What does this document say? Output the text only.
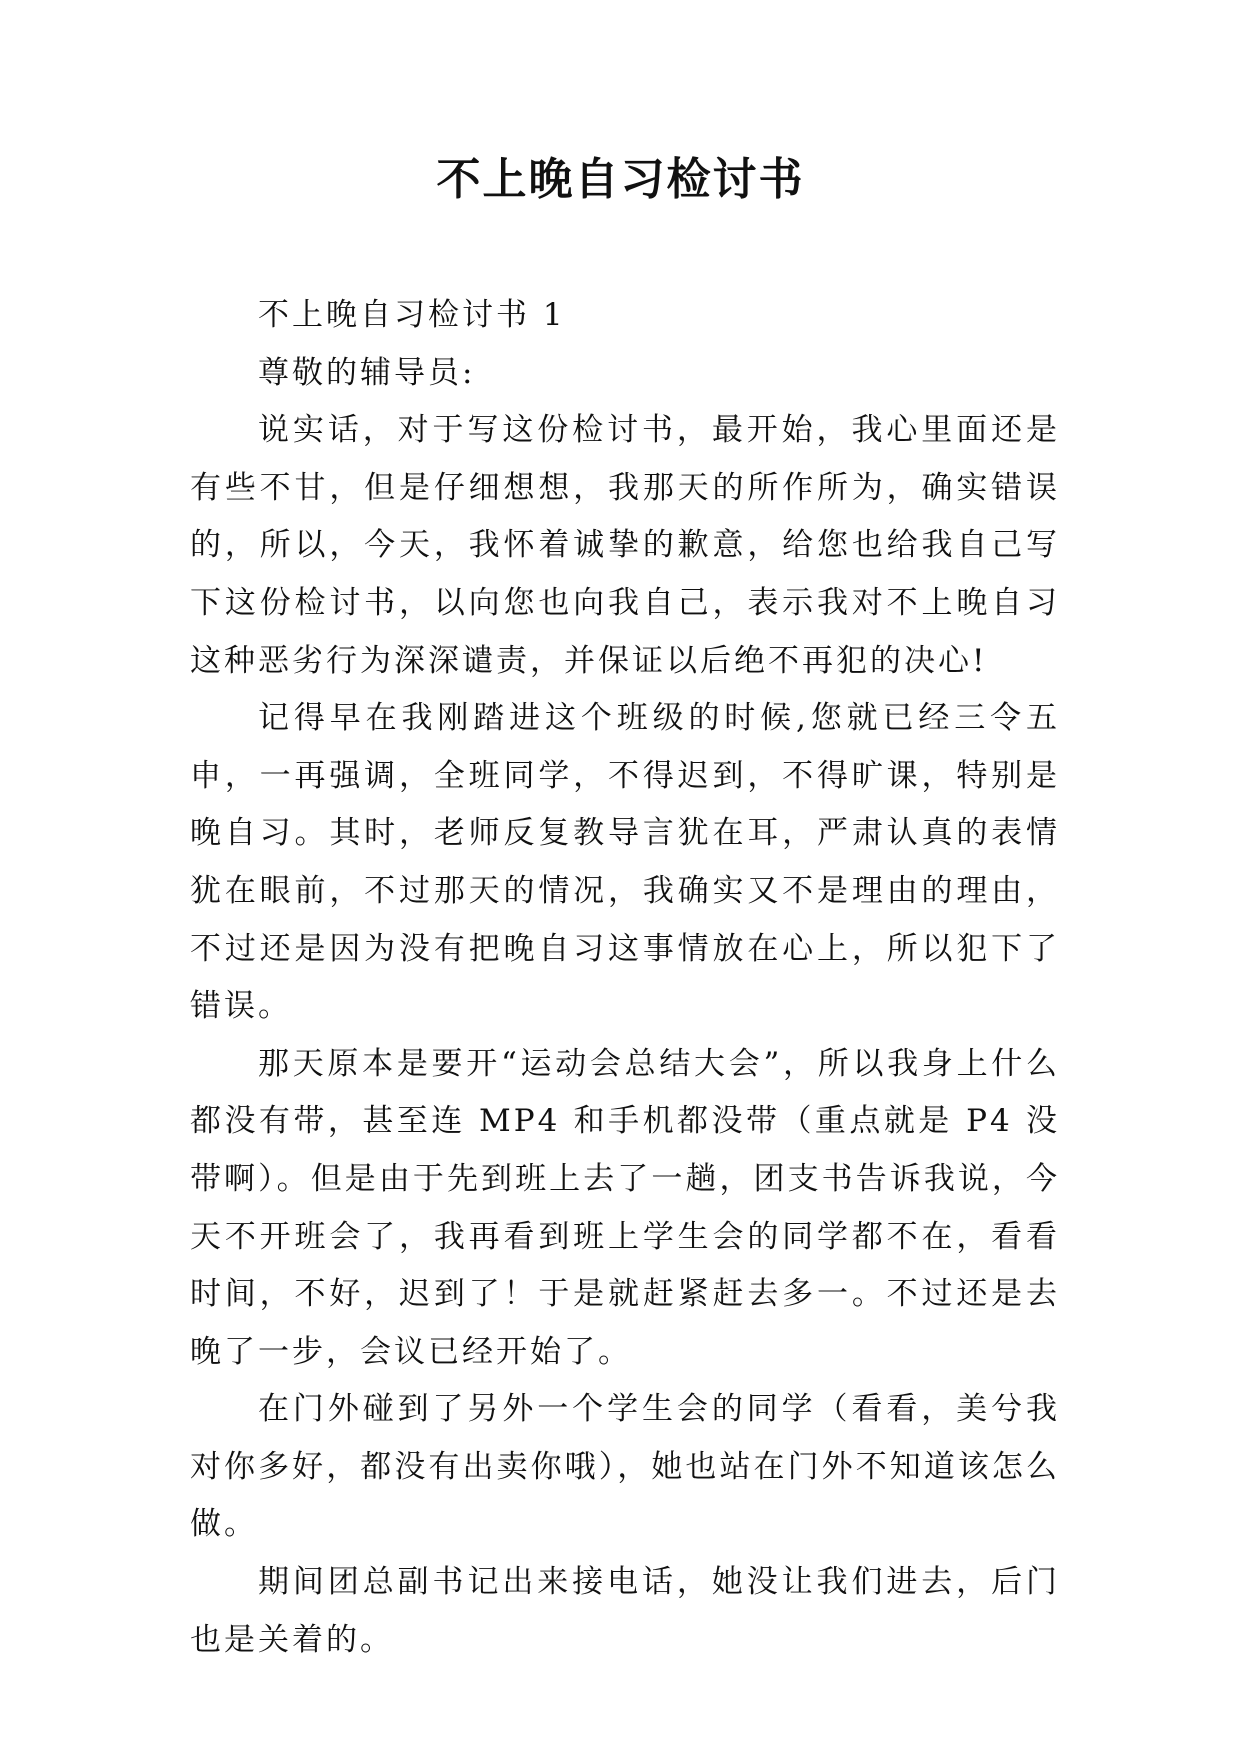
不上晚自习检讨书

不上晚自习检讨书 1

尊敬的辅导员:

说实话，对于写这份检讨书，最开始，我心里面还是有些不甘，但是仔细想想，我那天的所作所为，确实错误的，所以，今天，我怀着诚挚的歉意，给您也给我自己写下这份检讨书，以向您也向我自己，表示我对不上晚自习这种恶劣行为深深谴责，并保证以后绝不再犯的决心!

记得早在我刚踏进这个班级的时候,您就已经三令五申，一再强调，全班同学，不得迟到，不得旷课，特别是晚自习。其时，老师反复教导言犹在耳，严肃认真的表情犹在眼前，不过那天的情况，我确实又不是理由的理由，不过还是因为没有把晚自习这事情放在心上，所以犯下了错误。

那天原本是要开“运动会总结大会”，所以我身上什么都没有带，甚至连 MP4 和手机都没带（重点就是 P4 没带啊）。但是由于先到班上去了一趟，团支书告诉我说，今天不开班会了，我再看到班上学生会的同学都不在，看看时间，不好，迟到了！于是就赶紧赶去多一。不过还是去晚了一步，会议已经开始了。

在门外碰到了另外一个学生会的同学（看看，美兮我对你多好，都没有出卖你哦），她也站在门外不知道该怎么做。

期间团总副书记出来接电话，她没让我们进去，后门也是关着的。
